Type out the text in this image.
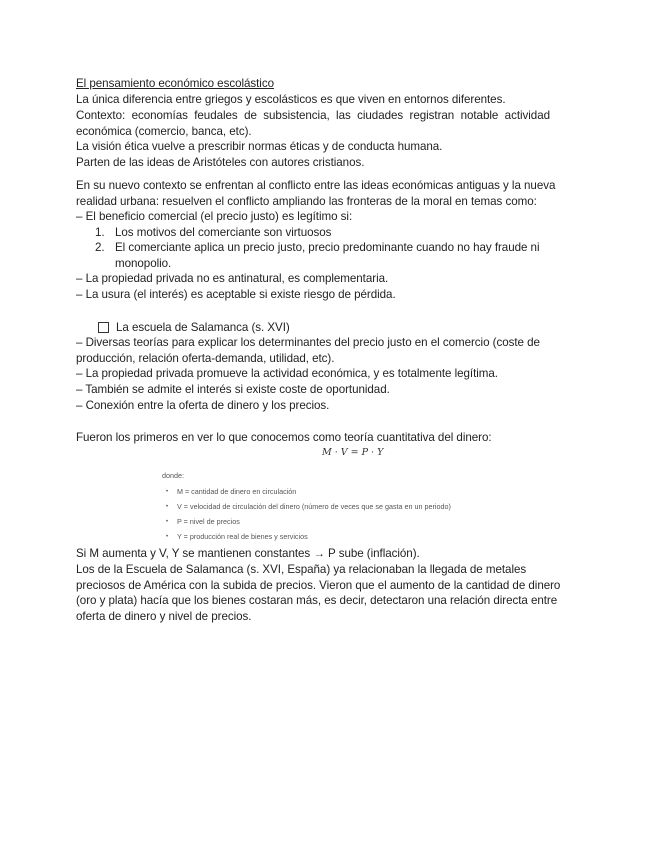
El pensamiento económico escolástico
La única diferencia entre griegos y escolásticos es que viven en entornos diferentes.
Contexto: economías feudales de subsistencia, las ciudades registran notable actividad
económica (comercio, banca, etc).
La visión ética vuelve a prescribir normas éticas y de conducta humana.
Parten de las ideas de Aristóteles con autores cristianos.
En su nuevo contexto se enfrentan al conflicto entre las ideas económicas antiguas y la nueva
realidad urbana: resuelven el conflicto ampliando las fronteras de la moral en temas como:
– El beneficio comercial (el precio justo) es legítimo si:
1. Los motivos del comerciante son virtuosos
2. El comerciante aplica un precio justo, precio predominante cuando no hay fraude ni
monopolio.
– La propiedad privada no es antinatural, es complementaria.
– La usura (el interés) es aceptable si existe riesgo de pérdida.
La escuela de Salamanca (s. XVI)
– Diversas teorías para explicar los determinantes del precio justo en el comercio (coste de
producción, relación oferta-demanda, utilidad, etc).
– La propiedad privada promueve la actividad económica, y es totalmente legítima.
– También se admite el interés si existe coste de oportunidad.
– Conexión entre la oferta de dinero y los precios.
Fueron los primeros en ver lo que conocemos como teoría cuantitativa del dinero:
M · V = P · Y
donde:
• M = cantidad de dinero en circulación
• V = velocidad de circulación del dinero (número de veces que se gasta en un periodo)
• P = nivel de precios
• Y = producción real de bienes y servicios
Si M aumenta y V, Y se mantienen constantes → P sube (inflación).
Los de la Escuela de Salamanca (s. XVI, España) ya relacionaban la llegada de metales
preciosos de América con la subida de precios. Vieron que el aumento de la cantidad de dinero
(oro y plata) hacía que los bienes costaran más, es decir, detectaron una relación directa entre
oferta de dinero y nivel de precios.
